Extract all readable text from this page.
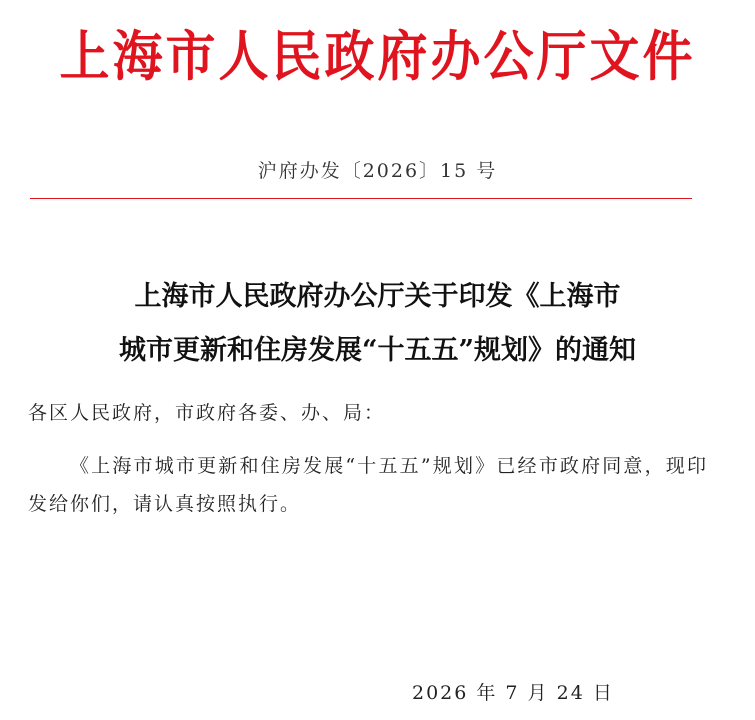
上海市人民政府办公厅文件
沪府办发〔2026〕15 号
上海市人民政府办公厅关于印发《上海市
城市更新和住房发展“十五五”规划》的通知
各区人民政府，市政府各委、办、局：
《上海市城市更新和住房发展“十五五”规划》已经市政府同意，现印发给你们，请认真按照执行。
2026 年 7 月 24 日
